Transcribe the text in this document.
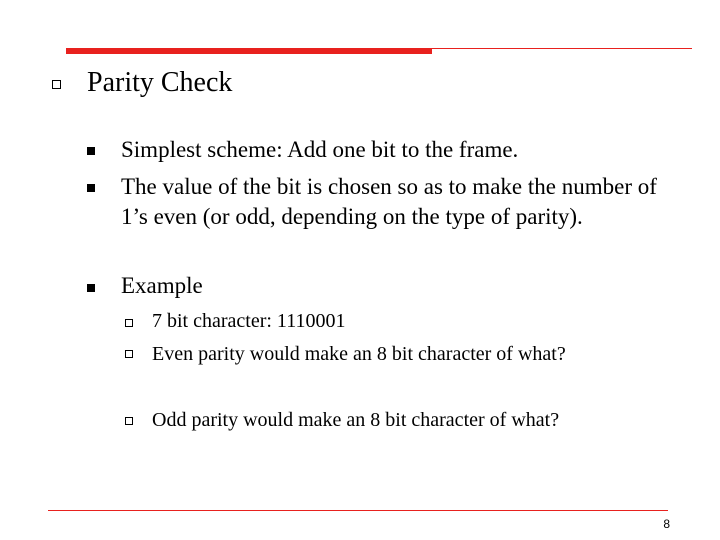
Parity Check
Simplest scheme: Add one bit to the frame.
The value of the bit is chosen so as to make the number of 1’s even (or odd, depending on the type of parity).
Example
7 bit character: 1110001
Even parity would make an 8 bit character of what?
Odd parity would make an 8 bit character of what?
8
